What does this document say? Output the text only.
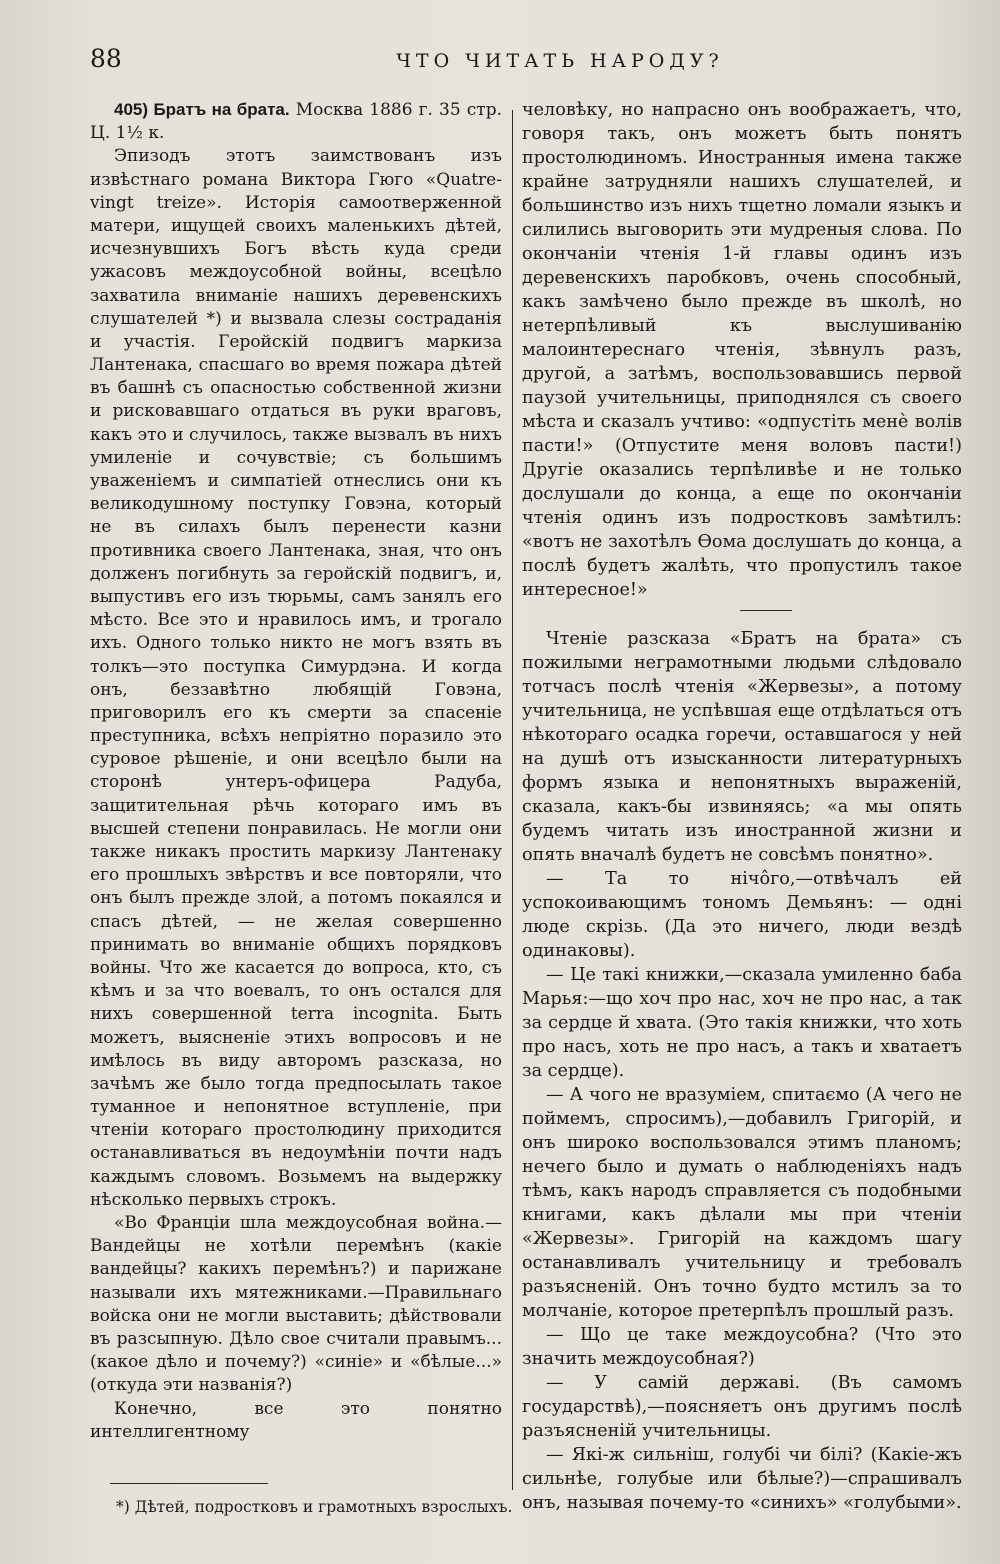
88	ЧТО ЧИТАТЬ НАРОДУ?

405) Братъ на брата. Москва 1886 г. 35 стр. Ц. 1½ к.

Эпизодъ этотъ заимствованъ изъ извѣстнаго романа Виктора Гюго «Quatre-vingt treize». Исторія самоотверженной матери, ищущей своихъ маленькихъ дѣтей, исчезнувшихъ Богъ вѣсть куда среди ужасовъ междоусобной войны, всецѣло захватила вниманіе нашихъ деревенскихъ слушателей *) и вызвала слезы состраданія и участія. Геройскій подвигъ маркиза Лантенака, спасшаго во время пожара дѣтей въ башнѣ съ опасностью собственной жизни и рисковавшаго отдаться въ руки враговъ, какъ это и случилось, также вызвалъ въ нихъ умиленіе и сочувствіе; съ большимъ уваженіемъ и симпатіей отнеслись они къ великодушному поступку Говэна, который не въ силахъ былъ перенести казни противника своего Лантенака, зная, что онъ долженъ погибнуть за геройскій подвигъ, и, выпустивъ его изъ тюрьмы, самъ занялъ его мѣсто. Все это и нравилось имъ, и трогало ихъ. Одного только никто не могъ взять въ толкъ—это поступка Симурдэна. И когда онъ, беззавѣтно любящій Говэна, приговорилъ его къ смерти за спасеніе преступника, всѣхъ непріятно поразило это суровое рѣшеніе, и они всецѣло были на сторонѣ унтеръ-офицера Радуба, защитительная рѣчь котораго имъ въ высшей степени понравилась. Не могли они также никакъ простить маркизу Лантенаку его прошлыхъ звѣрствъ и все повторяли, что онъ былъ прежде злой, а потомъ покаялся и спасъ дѣтей, — не желая совершенно принимать во вниманіе общихъ порядковъ войны. Что же касается до вопроса, кто, съ кѣмъ и за что воевалъ, то онъ остался для нихъ совершенной terra incognita. Быть можетъ, выясненіе этихъ вопросовъ и не имѣлось въ виду авторомъ разсказа, но зачѣмъ же было тогда предпосылать такое туманное и непонятное вступленіе, при чтеніи котораго простолюдину приходится останавливаться въ недоумѣніи почти надъ каждымъ словомъ. Возьмемъ на выдержку нѣсколько первыхъ строкъ.

«Во Франціи шла междоусобная война.— Вандейцы не хотѣли перемѣнъ (какіе вандейцы? какихъ перемѣнъ?) и парижане называли ихъ мятежниками.—Правильнаго войска они не могли выставить; дѣйствовали въ разсыпную. Дѣло свое считали правымъ... (какое дѣло и почему?) «синіе» и «бѣлые...» (откуда эти названія?)

Конечно, все это понятно интеллигентному

человѣку, но напрасно онъ воображаетъ, что, говоря такъ, онъ можетъ быть понятъ простолюдиномъ. Иностранныя имена также крайне затрудняли нашихъ слушателей, и большинство изъ нихъ тщетно ломали языкъ и силились выговорить эти мудреныя слова. По окончаніи чтенія 1-й главы одинъ изъ деревенскихъ паробковъ, очень способный, какъ замѣчено было прежде въ школѣ, но нетерпѣливый къ выслушиванію малоинтереснаго чтенія, зѣвнулъ разъ, другой, а затѣмъ, воспользовавшись первой паузой учительницы, приподнялся съ своего мѣста и сказалъ учтиво: «одпустіть менѐ волів пасти!» (Отпустите меня воловъ пасти!) Другіе оказались терпѣливѣе и не только дослушали до конца, а еще по окончаніи чтенія одинъ изъ подростковъ замѣтилъ: «вотъ не захотѣлъ Ѳома дослушать до конца, а послѣ будетъ жалѣть, что пропустилъ такое интересное!»

Чтеніе разсказа «Братъ на брата» съ пожилыми неграмотными людьми слѣдовало тотчасъ послѣ чтенія «Жервезы», а потому учительница, не успѣвшая еще отдѣлаться отъ нѣкотораго осадка горечи, оставшагося у ней на душѣ отъ изысканности литературныхъ формъ языка и непонятныхъ выраженій, сказала, какъ-бы извиняясь; «а мы опять будемъ читать изъ иностранной жизни и опять вначалѣ будетъ не совсѣмъ понятно».

— Та то нічôго,—отвѣчалъ ей успокоивающимъ тономъ Демьянъ: — одні люде скрізь. (Да это ничего, люди вездѣ одинаковы).

— Це такі книжки,—сказала умиленно баба Марья:—що хоч про нас, хоч не про нас, а так за сердце й хвата. (Это такія книжки, что хоть про насъ, хоть не про насъ, а такъ и хватаетъ за сердце).

— А чого не вразуміем, спитаємо (А чего не поймемъ, спросимъ),—добавилъ Григорій, и онъ широко воспользовался этимъ планомъ; нечего было и думать о наблюденіяхъ надъ тѣмъ, какъ народъ справляется съ подобными книгами, какъ дѣлали мы при чтеніи «Жервезы». Григорій на каждомъ шагу останавливалъ учительницу и требовалъ разъясненій. Онъ точно будто мстилъ за то молчаніе, которое претерпѣлъ прошлый разъ.

— Що це таке междоусобна? (Что это значить междоусобная?)

— У самій державі. (Въ самомъ государствѣ),—поясняетъ онъ другимъ послѣ разъясненій учительницы.

— Які-ж сильніш, голубі чи білі? (Какіе-жъ сильнѣе, голубые или бѣлые?)—спрашивалъ онъ, называя почему-то «синихъ» «голубыми».

*) Дѣтей, подростковъ и грамотныхъ взрослыхъ.
